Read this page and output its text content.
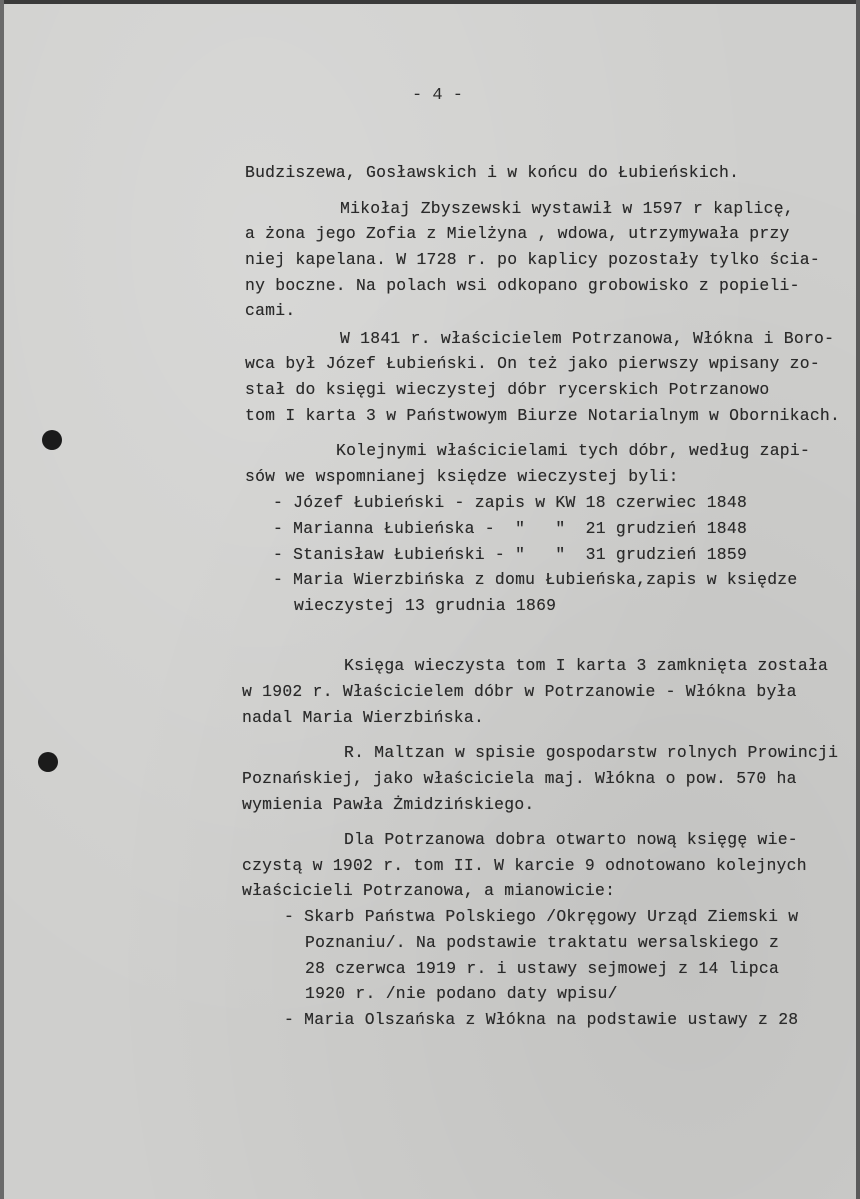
- 4 -
Budziszewa, Gosławskich i w końcu do Łubieńskich.
Mikołaj Zbyszewski wystawił w 1597 r kaplicę,
a żona jego Zofia z Mielżyna , wdowa, utrzymywała przy
niej kapelana. W 1728 r. po kaplicy pozostały tylko ścia-
ny boczne. Na polach wsi odkopano grobowisko z popieli-
cami.
W 1841 r. właścicielem Potrzanowa, Włókna i Boro-
wca był Józef Łubieński. On też jako pierwszy wpisany zo-
stał do księgi wieczystej dóbr rycerskich Potrzanowo
tom I karta 3 w Państwowym Biurze Notarialnym w Obornikach.
Kolejnymi właścicielami tych dóbr, według zapi-
sów we wspomnianej księdze wieczystej byli:
- Józef Łubieński - zapis w KW 18 czerwiec 1848
- Marianna Łubieńska -  "   "  21 grudzień 1848
- Stanisław Łubieński - "   "  31 grudzień 1859
- Maria Wierzbińska z domu Łubieńska,zapis w księdze
wieczystej 13 grudnia 1869
Księga wieczysta tom I karta 3 zamknięta została
w 1902 r. Właścicielem dóbr w Potrzanowie - Włókna była
nadal Maria Wierzbińska.
R. Maltzan w spisie gospodarstw rolnych Prowincji
Poznańskiej, jako właściciela maj. Włókna o pow. 570 ha
wymienia Pawła Żmidzińskiego.
Dla Potrzanowa dobra otwarto nową księgę wie-
czystą w 1902 r. tom II. W karcie 9 odnotowano kolejnych
właścicieli Potrzanowa, a mianowicie:
- Skarb Państwa Polskiego /Okręgowy Urząd Ziemski w
Poznaniu/. Na podstawie traktatu wersalskiego z
28 czerwca 1919 r. i ustawy sejmowej z 14 lipca
1920 r. /nie podano daty wpisu/
- Maria Olszańska z Włókna na podstawie ustawy z 28
